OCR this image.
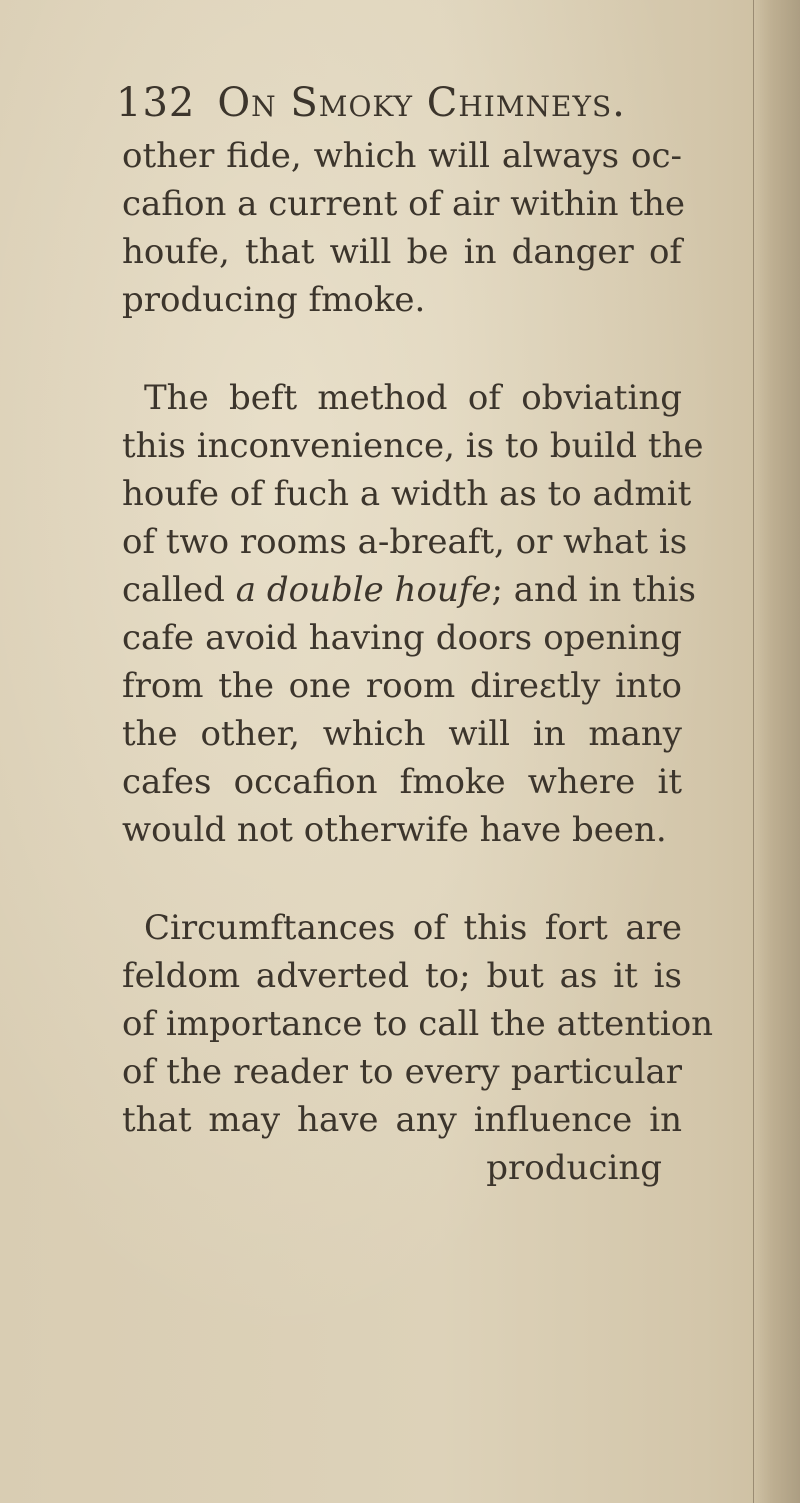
132 On Smoky Chimneys.
other fide, which will always oc-
cafion a current of air within the
houfe, that will be in danger of
producing fmoke.
The beft method of obviating
this inconvenience, is to build the
houfe of fuch a width as to admit
of two rooms a-breaft, or what is
called a double houfe; and in this
cafe avoid having doors opening
from the one room direɛtly into
the other, which will in many
cafes occafion fmoke where it
would not otherwife have been.
Circumftances of this fort are
feldom adverted to; but as it is
of importance to call the attention
of the reader to every particular
that may have any influence in
producing
